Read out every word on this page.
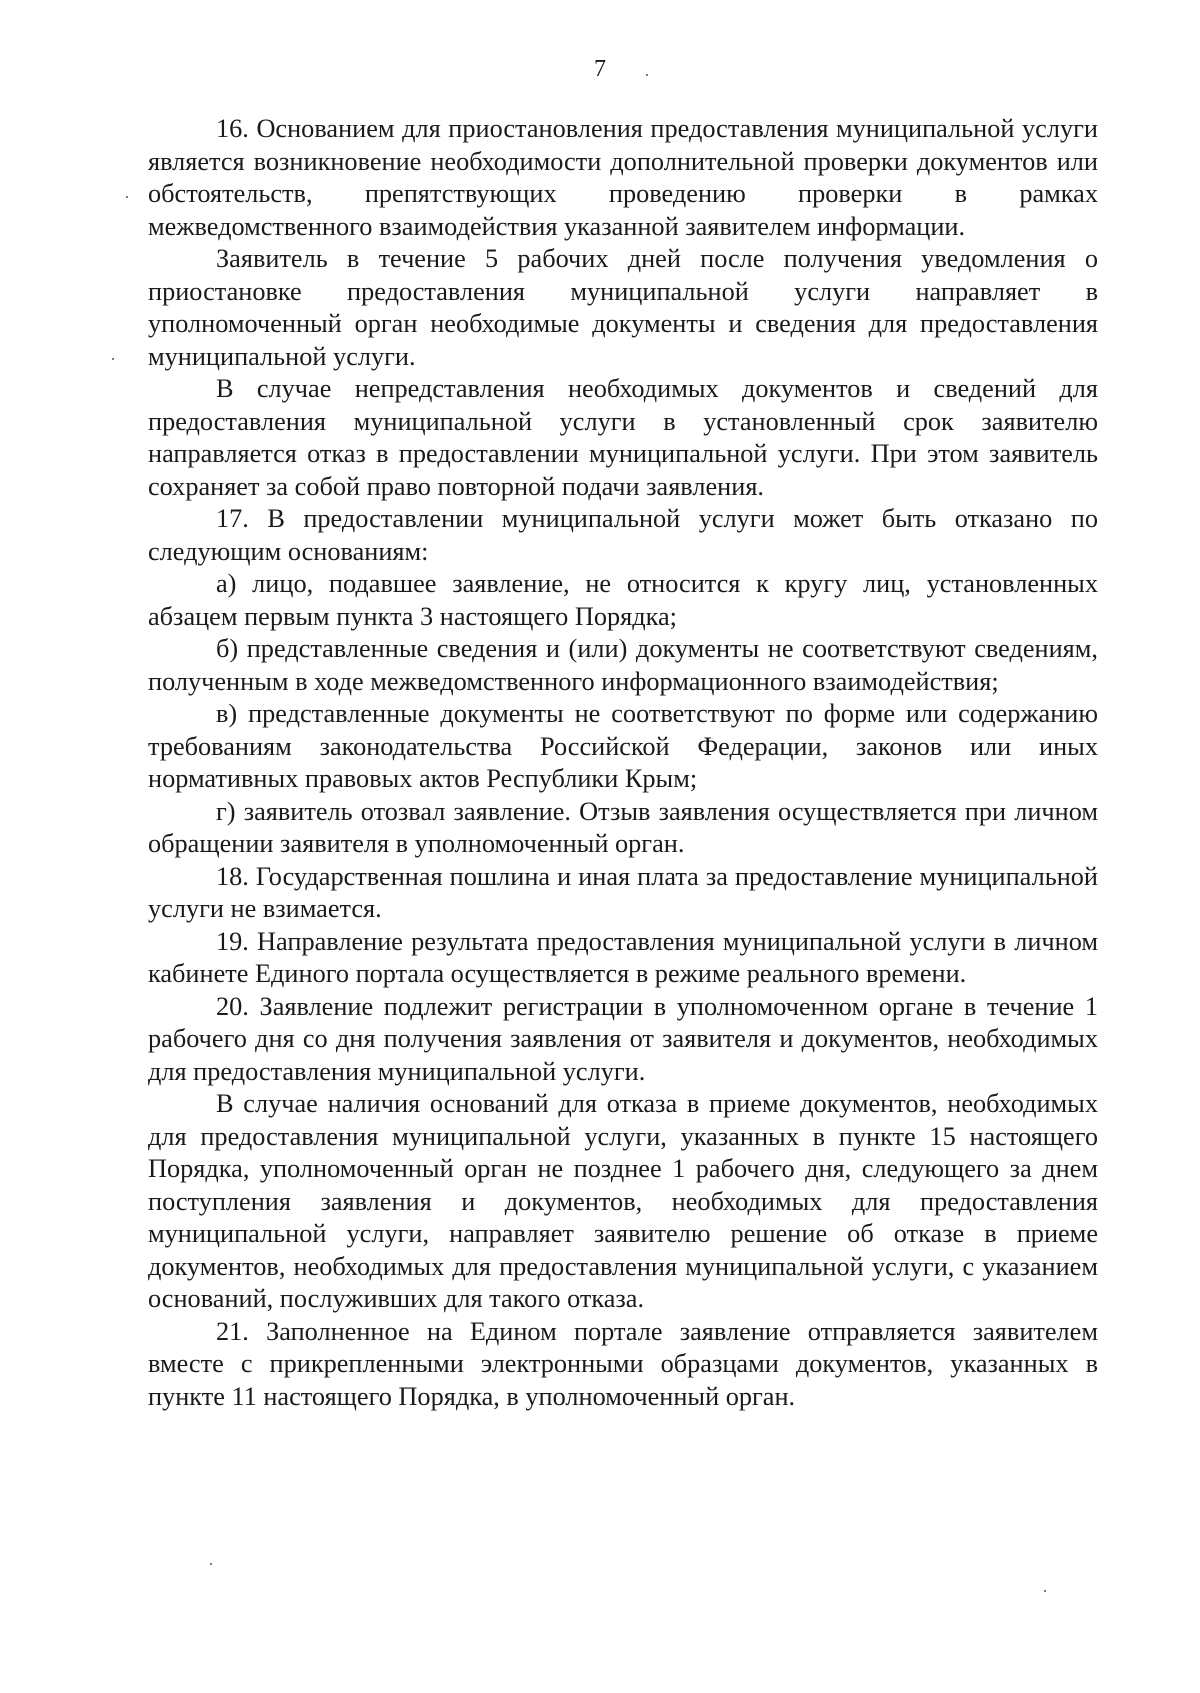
7

16. Основанием для приостановления предоставления муниципальной услуги является возникновение необходимости дополнительной проверки документов или обстоятельств, препятствующих проведению проверки в рамках межведомственного взаимодействия указанной заявителем информации.

Заявитель в течение 5 рабочих дней после получения уведомления о приостановке предоставления муниципальной услуги направляет в уполномоченный орган необходимые документы и сведения для предоставления муниципальной услуги.

В случае непредставления необходимых документов и сведений для предоставления муниципальной услуги в установленный срок заявителю направляется отказ в предоставлении муниципальной услуги. При этом заявитель сохраняет за собой право повторной подачи заявления.

17. В предоставлении муниципальной услуги может быть отказано по следующим основаниям:

а) лицо, подавшее заявление, не относится к кругу лиц, установленных абзацем первым пункта 3 настоящего Порядка;

б) представленные сведения и (или) документы не соответствуют сведениям, полученным в ходе межведомственного информационного взаимодействия;

в) представленные документы не соответствуют по форме или содержанию требованиям законодательства Российской Федерации, законов или иных нормативных правовых актов Республики Крым;

г) заявитель отозвал заявление. Отзыв заявления осуществляется при личном обращении заявителя в уполномоченный орган.

18. Государственная пошлина и иная плата за предоставление муниципальной услуги не взимается.

19. Направление результата предоставления муниципальной услуги в личном кабинете Единого портала осуществляется в режиме реального времени.

20. Заявление подлежит регистрации в уполномоченном органе в течение 1 рабочего дня со дня получения заявления от заявителя и документов, необходимых для предоставления муниципальной услуги.

В случае наличия оснований для отказа в приеме документов, необходимых для предоставления муниципальной услуги, указанных в пункте 15 настоящего Порядка, уполномоченный орган не позднее 1 рабочего дня, следующего за днем поступления заявления и документов, необходимых для предоставления муниципальной услуги, направляет заявителю решение об отказе в приеме документов, необходимых для предоставления муниципальной услуги, с указанием оснований, послуживших для такого отказа.

21. Заполненное на Едином портале заявление отправляется заявителем вместе с прикрепленными электронными образцами документов, указанных в пункте 11 настоящего Порядка, в уполномоченный орган.
